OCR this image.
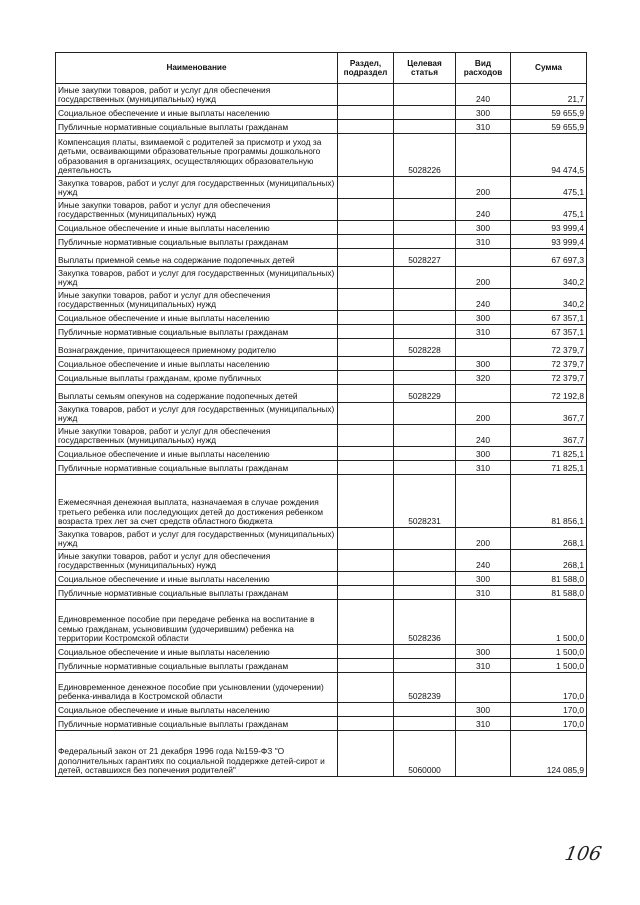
Наименование	Раздел, подраздел	Целевая статья	Вид расходов	Сумма
Иные закупки товаров, работ и услуг для обеспечения государственных (муниципальных) нужд			240	21,7
Социальное обеспечение и иные выплаты населению			300	59 655,9
Публичные нормативные социальные выплаты гражданам			310	59 655,9
Компенсация платы, взимаемой с родителей за присмотр и уход за детьми, осваивающими образовательные программы дошкольного образования в организациях, осуществляющих образовательную деятельность		5028226		94 474,5
Закупка товаров, работ и услуг для государственных (муниципальных) нужд			200	475,1
Иные закупки товаров, работ и услуг для обеспечения государственных (муниципальных) нужд			240	475,1
Социальное обеспечение и иные выплаты населению			300	93 999,4
Публичные нормативные социальные выплаты гражданам			310	93 999,4
Выплаты приемной семье на содержание подопечных детей		5028227		67 697,3
Закупка товаров, работ и услуг для государственных (муниципальных) нужд			200	340,2
Иные закупки товаров, работ и услуг для обеспечения государственных (муниципальных) нужд			240	340,2
Социальное обеспечение и иные выплаты населению			300	67 357,1
Публичные нормативные социальные выплаты гражданам			310	67 357,1
Вознаграждение, причитающееся приемному родителю		5028228		72 379,7
Социальное обеспечение и иные выплаты населению			300	72 379,7
Социальные выплаты гражданам, кроме публичных			320	72 379,7
Выплаты семьям опекунов на содержание подопечных детей		5028229		72 192,8
Закупка товаров, работ и услуг для государственных (муниципальных) нужд			200	367,7
Иные закупки товаров, работ и услуг для обеспечения государственных (муниципальных) нужд			240	367,7
Социальное обеспечение и иные выплаты населению			300	71 825,1
Публичные нормативные социальные выплаты гражданам			310	71 825,1
Ежемесячная денежная выплата, назначаемая в случае рождения третьего ребенка или последующих детей до достижения ребенком возраста трех лет за счет средств областного бюджета		5028231		81 856,1
Закупка товаров, работ и услуг для государственных (муниципальных) нужд			200	268,1
Иные закупки товаров, работ и услуг для обеспечения государственных (муниципальных) нужд			240	268,1
Социальное обеспечение и иные выплаты населению			300	81 588,0
Публичные нормативные социальные выплаты гражданам			310	81 588,0
Единовременное пособие при передаче ребенка на воспитание в семью гражданам, усыновившим (удочерившим) ребенка на территории Костромской области		5028236		1 500,0
Социальное обеспечение и иные выплаты населению			300	1 500,0
Публичные нормативные социальные выплаты гражданам			310	1 500,0
Единовременное денежное пособие при усыновлении (удочерении) ребенка-инвалида в Костромской области		5028239		170,0
Социальное обеспечение и иные выплаты населению			300	170,0
Публичные нормативные социальные выплаты гражданам			310	170,0
Федеральный закон от 21 декабря 1996 года №159-ФЗ "О дополнительных гарантиях по социальной поддержке детей-сирот и детей, оставшихся без попечения родителей"		5060000		124 085,9
106
